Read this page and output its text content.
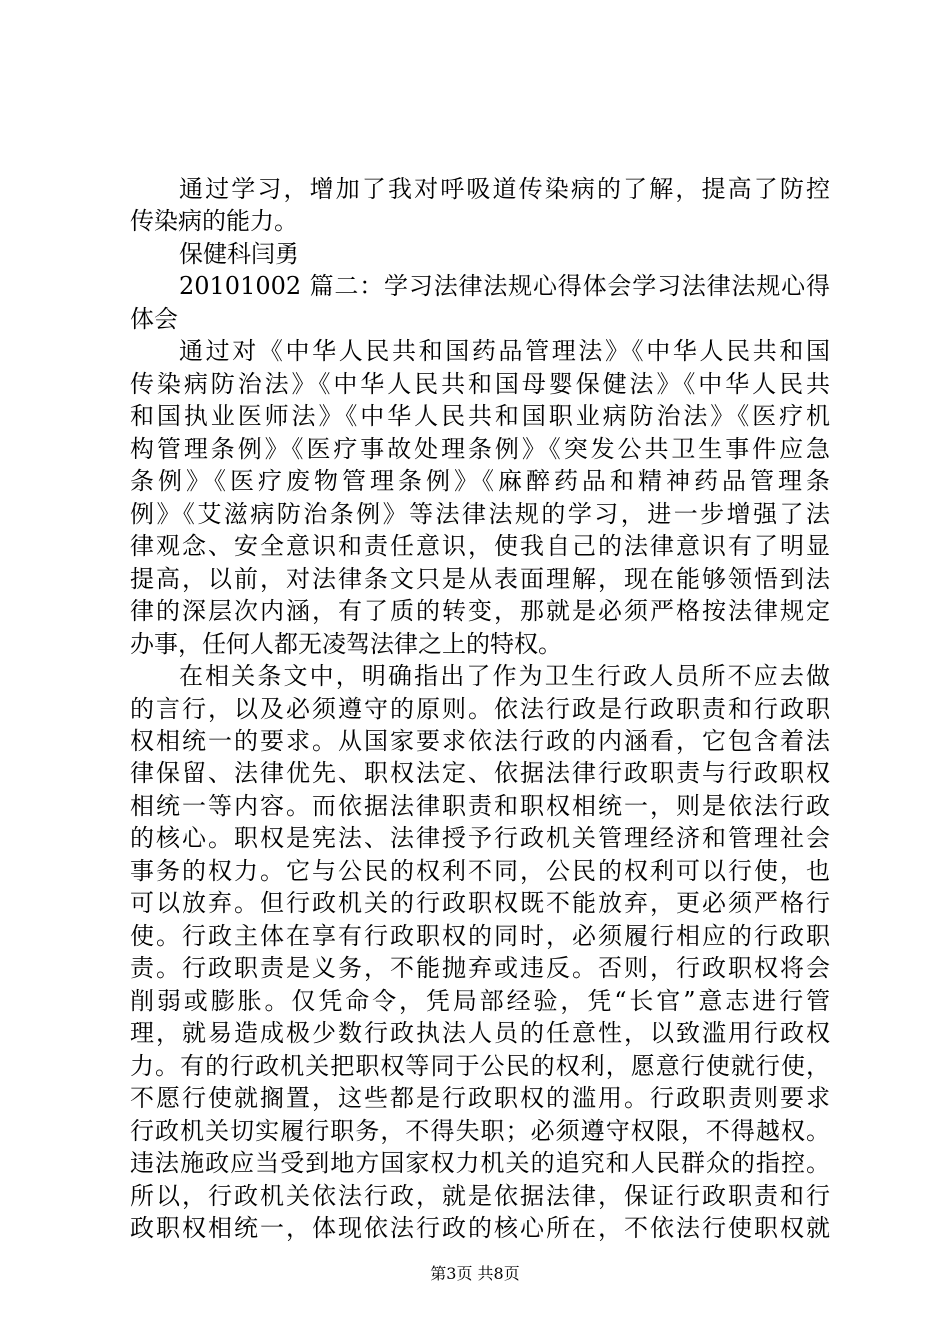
通过学习，增加了我对呼吸道传染病的了解，提高了防控
传染病的能力。
保健科闫勇
20101002 篇二：学习法律法规心得体会学习法律法规心得
体会
通过对《中华人民共和国药品管理法》《中华人民共和国
传染病防治法》《中华人民共和国母婴保健法》《中华人民共
和国执业医师法》《中华人民共和国职业病防治法》《医疗机
构管理条例》《医疗事故处理条例》《突发公共卫生事件应急
条例》《医疗废物管理条例》《麻醉药品和精神药品管理条
例》《艾滋病防治条例》等法律法规的学习，进一步增强了法
律观念、安全意识和责任意识，使我自己的法律意识有了明显
提高，以前，对法律条文只是从表面理解，现在能够领悟到法
律的深层次内涵，有了质的转变，那就是必须严格按法律规定
办事，任何人都无凌驾法律之上的特权。
在相关条文中，明确指出了作为卫生行政人员所不应去做
的言行，以及必须遵守的原则。依法行政是行政职责和行政职
权相统一的要求。从国家要求依法行政的内涵看，它包含着法
律保留、法律优先、职权法定、依据法律行政职责与行政职权
相统一等内容。而依据法律职责和职权相统一，则是依法行政
的核心。职权是宪法、法律授予行政机关管理经济和管理社会
事务的权力。它与公民的权利不同，公民的权利可以行使，也
可以放弃。但行政机关的行政职权既不能放弃，更必须严格行
使。行政主体在享有行政职权的同时，必须履行相应的行政职
责。行政职责是义务，不能抛弃或违反。否则，行政职权将会
削弱或膨胀。仅凭命令，凭局部经验，凭“长官”意志进行管
理，就易造成极少数行政执法人员的任意性，以致滥用行政权
力。有的行政机关把职权等同于公民的权利，愿意行使就行使，
不愿行使就搁置，这些都是行政职权的滥用。行政职责则要求
行政机关切实履行职务，不得失职；必须遵守权限，不得越权。
违法施政应当受到地方国家权力机关的追究和人民群众的指控。
所以，行政机关依法行政，就是依据法律，保证行政职责和行
第3页 共8页
政职权相统一，体现依法行政的核心所在，不依法行使职权就
